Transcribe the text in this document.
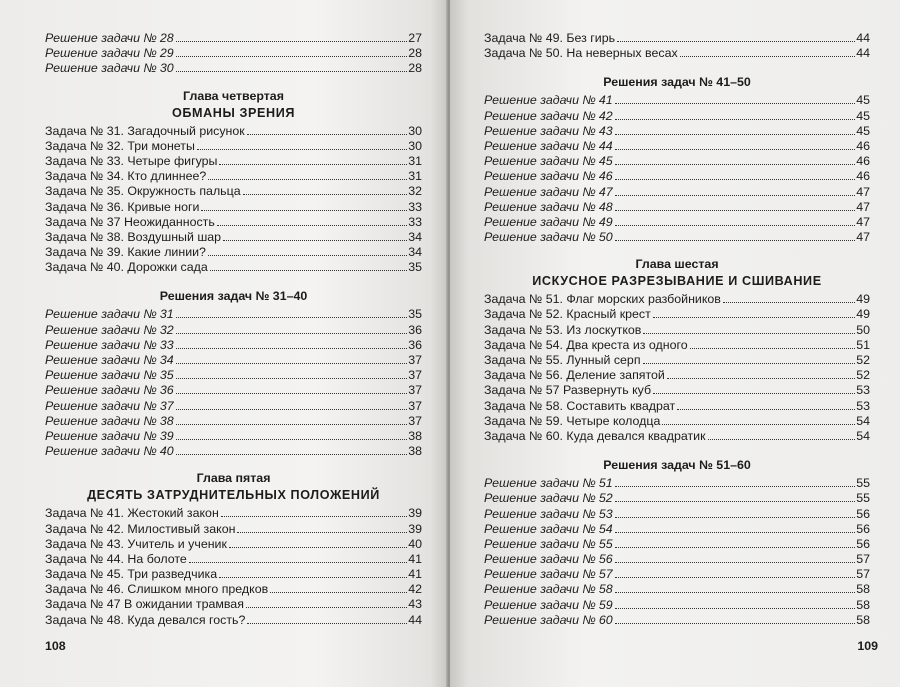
Решение задачи № 28	27
Решение задачи № 29	28
Решение задачи № 30	28
Глава четвертая
ОБМАНЫ ЗРЕНИЯ
Задача № 31. Загадочный рисунок	30
Задача № 32. Три монеты	30
Задача № 33. Четыре фигуры	31
Задача № 34. Кто длиннее?	31
Задача № 35. Окружность пальца	32
Задача № 36. Кривые ноги	33
Задача № 37 Неожиданность	33
Задача № 38. Воздушный шар	34
Задача № 39. Какие линии?	34
Задача № 40. Дорожки сада	35
Решения задач № 31–40
Решение задачи № 31	35
Решение задачи № 32	36
Решение задачи № 33	36
Решение задачи № 34	37
Решение задачи № 35	37
Решение задачи № 36	37
Решение задачи № 37	37
Решение задачи № 38	37
Решение задачи № 39	38
Решение задачи № 40	38
Глава пятая
ДЕСЯТЬ ЗАТРУДНИТЕЛЬНЫХ ПОЛОЖЕНИЙ
Задача № 41. Жестокий закон	39
Задача № 42. Милостивый закон	39
Задача № 43. Учитель и ученик	40
Задача № 44. На болоте	41
Задача № 45. Три разведчика	41
Задача № 46. Слишком много предков	42
Задача № 47 В ожидании трамвая	43
Задача № 48. Куда девался гость?	44
108
Задача № 49. Без гирь	44
Задача № 50. На неверных весах	44
Решения задач № 41–50
Решение задачи № 41	45
Решение задачи № 42	45
Решение задачи № 43	45
Решение задачи № 44	46
Решение задачи № 45	46
Решение задачи № 46	46
Решение задачи № 47	47
Решение задачи № 48	47
Решение задачи № 49	47
Решение задачи № 50	47
Глава шестая
ИСКУСНОЕ РАЗРЕЗЫВАНИЕ И СШИВАНИЕ
Задача № 51. Флаг морских разбойников	49
Задача № 52. Красный крест	49
Задача № 53. Из лоскутков	50
Задача № 54. Два креста из одного	51
Задача № 55. Лунный серп	52
Задача № 56. Деление запятой	52
Задача № 57 Развернуть куб	53
Задача № 58. Составить квадрат	53
Задача № 59. Четыре колодца	54
Задача № 60. Куда девался квадратик	54
Решения задач № 51–60
Решение задачи № 51	55
Решение задачи № 52	55
Решение задачи № 53	56
Решение задачи № 54	56
Решение задачи № 55	56
Решение задачи № 56	57
Решение задачи № 57	57
Решение задачи № 58	58
Решение задачи № 59	58
Решение задачи № 60	58
109
